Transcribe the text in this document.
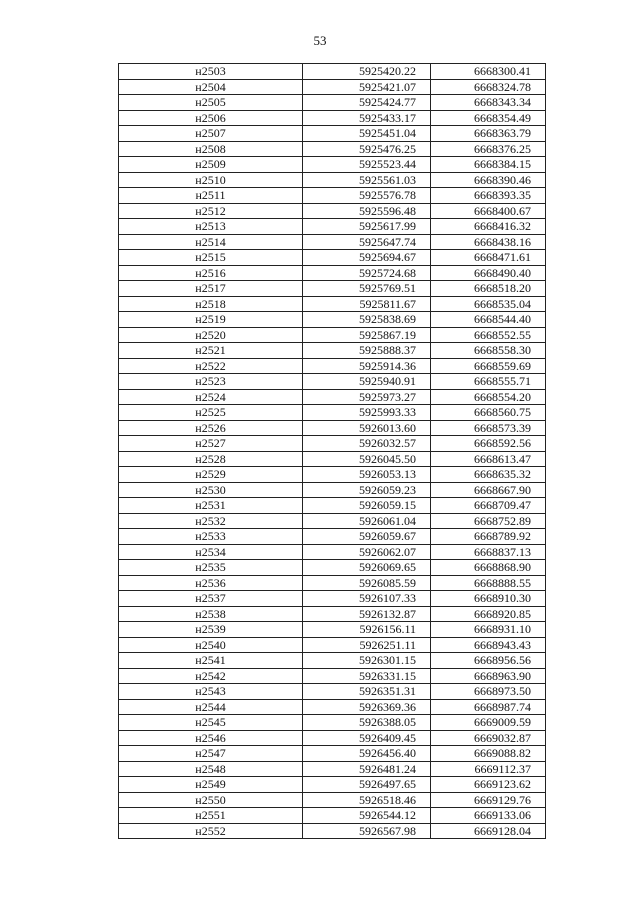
53
н2503	5925420.22	6668300.41
н2504	5925421.07	6668324.78
н2505	5925424.77	6668343.34
н2506	5925433.17	6668354.49
н2507	5925451.04	6668363.79
н2508	5925476.25	6668376.25
н2509	5925523.44	6668384.15
н2510	5925561.03	6668390.46
н2511	5925576.78	6668393.35
н2512	5925596.48	6668400.67
н2513	5925617.99	6668416.32
н2514	5925647.74	6668438.16
н2515	5925694.67	6668471.61
н2516	5925724.68	6668490.40
н2517	5925769.51	6668518.20
н2518	5925811.67	6668535.04
н2519	5925838.69	6668544.40
н2520	5925867.19	6668552.55
н2521	5925888.37	6668558.30
н2522	5925914.36	6668559.69
н2523	5925940.91	6668555.71
н2524	5925973.27	6668554.20
н2525	5925993.33	6668560.75
н2526	5926013.60	6668573.39
н2527	5926032.57	6668592.56
н2528	5926045.50	6668613.47
н2529	5926053.13	6668635.32
н2530	5926059.23	6668667.90
н2531	5926059.15	6668709.47
н2532	5926061.04	6668752.89
н2533	5926059.67	6668789.92
н2534	5926062.07	6668837.13
н2535	5926069.65	6668868.90
н2536	5926085.59	6668888.55
н2537	5926107.33	6668910.30
н2538	5926132.87	6668920.85
н2539	5926156.11	6668931.10
н2540	5926251.11	6668943.43
н2541	5926301.15	6668956.56
н2542	5926331.15	6668963.90
н2543	5926351.31	6668973.50
н2544	5926369.36	6668987.74
н2545	5926388.05	6669009.59
н2546	5926409.45	6669032.87
н2547	5926456.40	6669088.82
н2548	5926481.24	6669112.37
н2549	5926497.65	6669123.62
н2550	5926518.46	6669129.76
н2551	5926544.12	6669133.06
н2552	5926567.98	6669128.04
